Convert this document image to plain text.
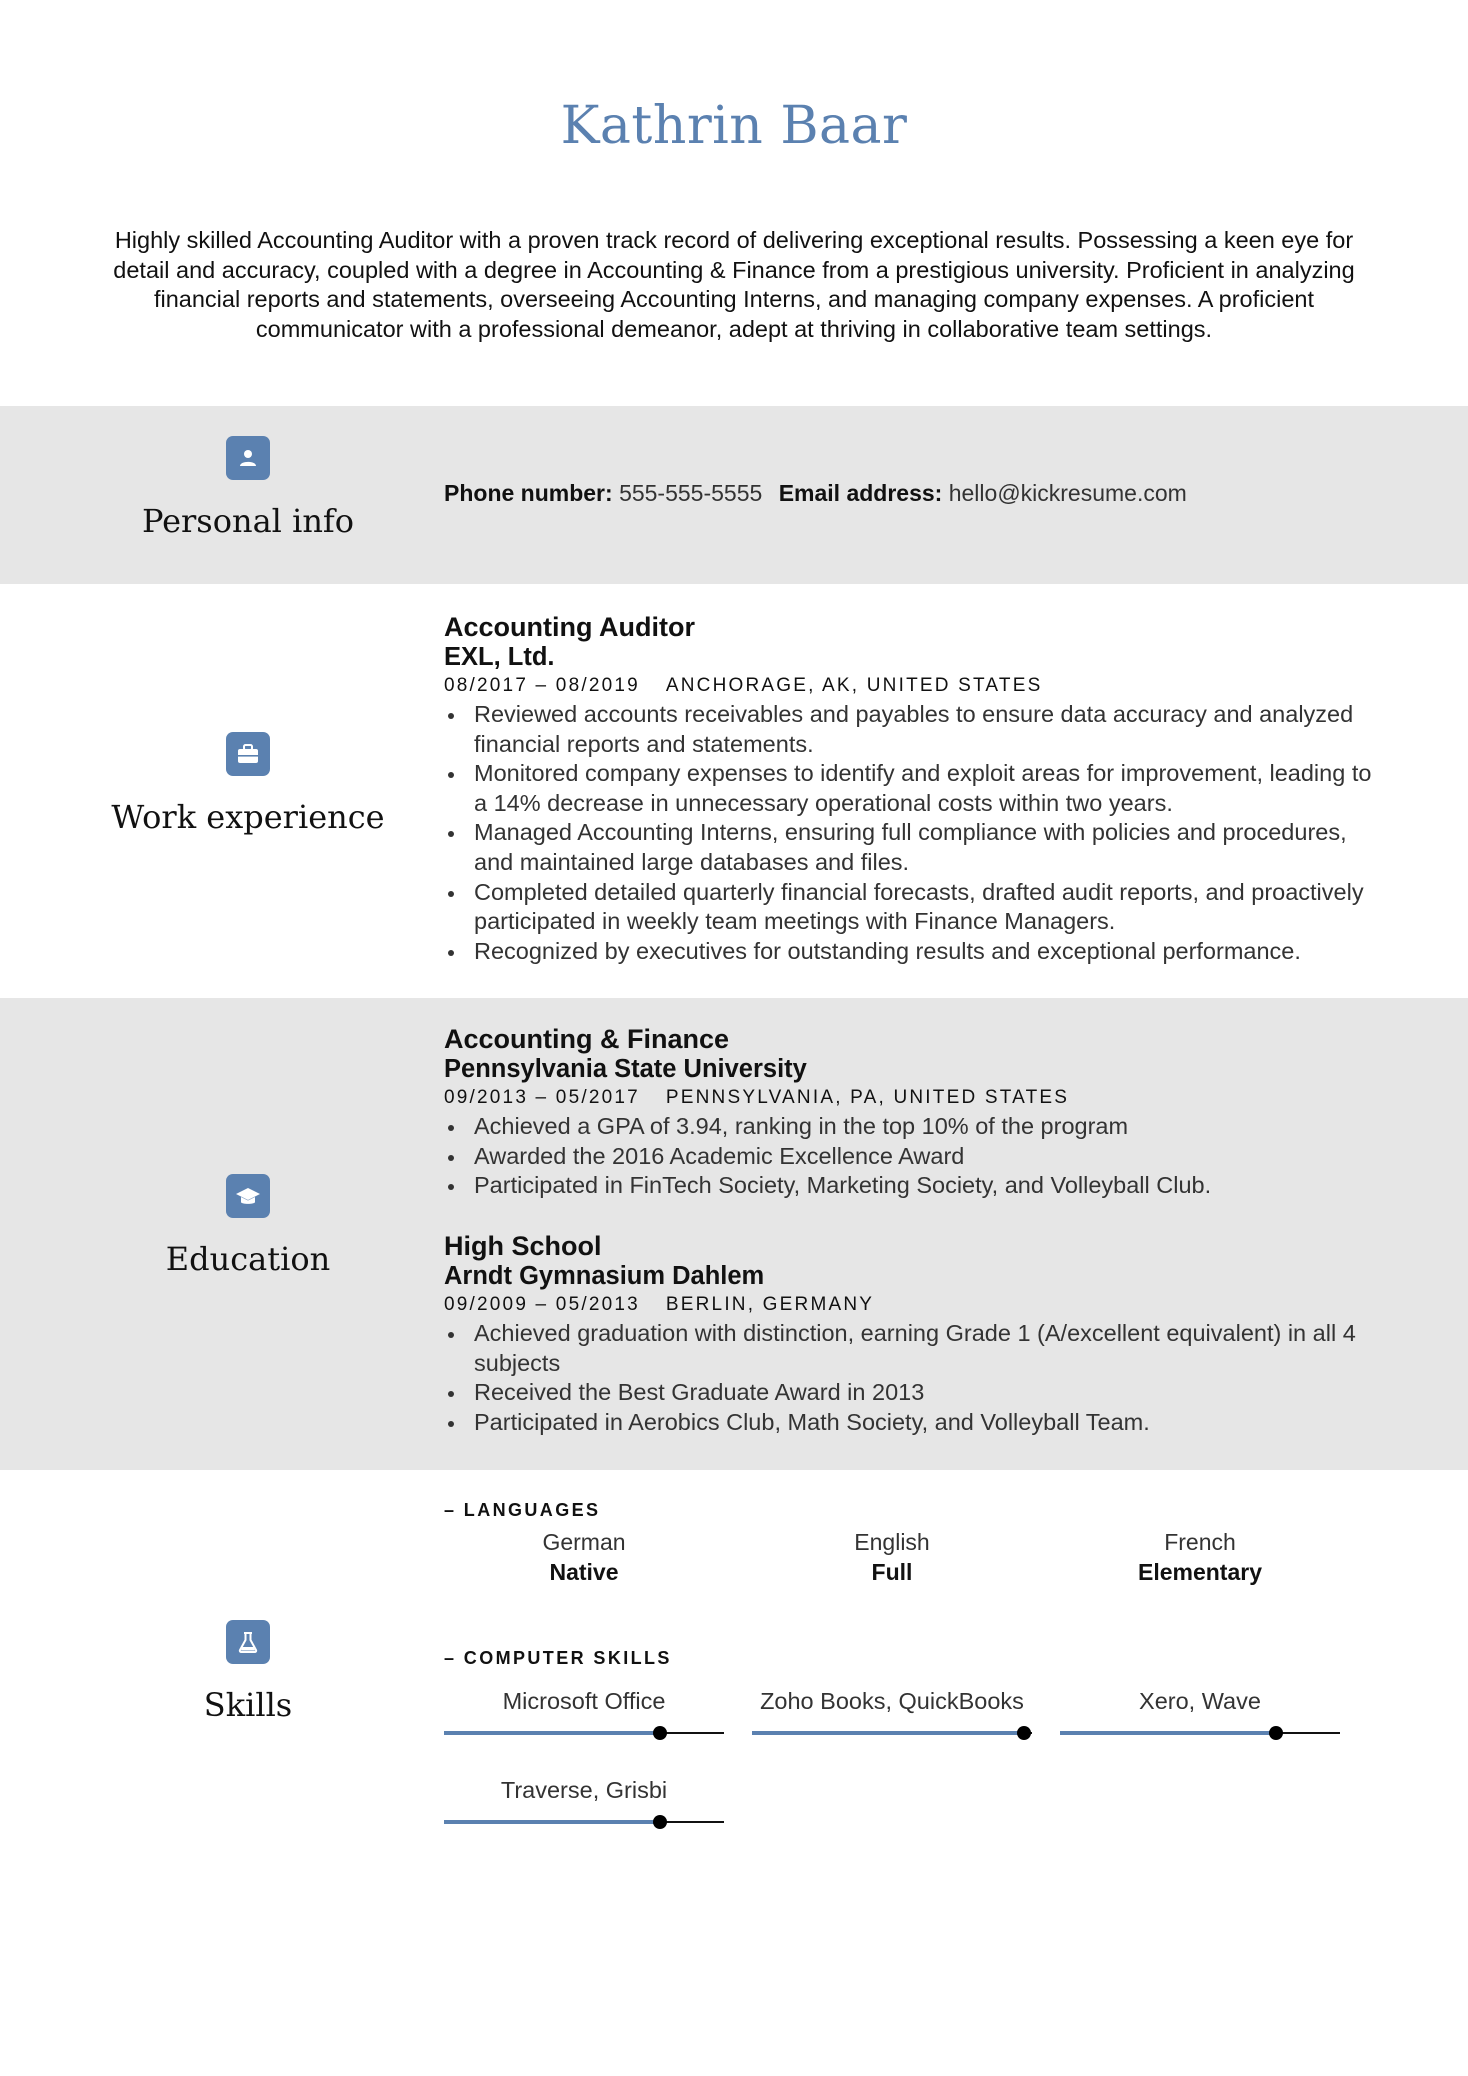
Kathrin Baar
Highly skilled Accounting Auditor with a proven track record of delivering exceptional results. Possessing a keen eye for detail and accuracy, coupled with a degree in Accounting & Finance from a prestigious university. Proficient in analyzing financial reports and statements, overseeing Accounting Interns, and managing company expenses. A proficient communicator with a professional demeanor, adept at thriving in collaborative team settings.
Personal info
Phone number: 555-555-5555 Email address: hello@kickresume.com
Work experience
Accounting Auditor
EXL, Ltd.
08/2017 – 08/2019 ANCHORAGE, AK, UNITED STATES
Reviewed accounts receivables and payables to ensure data accuracy and analyzed financial reports and statements.
Monitored company expenses to identify and exploit areas for improvement, leading to a 14% decrease in unnecessary operational costs within two years.
Managed Accounting Interns, ensuring full compliance with policies and procedures, and maintained large databases and files.
Completed detailed quarterly financial forecasts, drafted audit reports, and proactively participated in weekly team meetings with Finance Managers.
Recognized by executives for outstanding results and exceptional performance.
Education
Accounting & Finance
Pennsylvania State University
09/2013 – 05/2017 PENNSYLVANIA, PA, UNITED STATES
Achieved a GPA of 3.94, ranking in the top 10% of the program
Awarded the 2016 Academic Excellence Award
Participated in FinTech Society, Marketing Society, and Volleyball Club.
High School
Arndt Gymnasium Dahlem
09/2009 – 05/2013 BERLIN, GERMANY
Achieved graduation with distinction, earning Grade 1 (A/excellent equivalent) in all 4 subjects
Received the Best Graduate Award in 2013
Participated in Aerobics Club, Math Society, and Volleyball Team.
Skills
– LANGUAGES
German
Native
English
Full
French
Elementary
– COMPUTER SKILLS
Microsoft Office	Zoho Books, QuickBooks	Xero, Wave
Traverse, Grisbi
